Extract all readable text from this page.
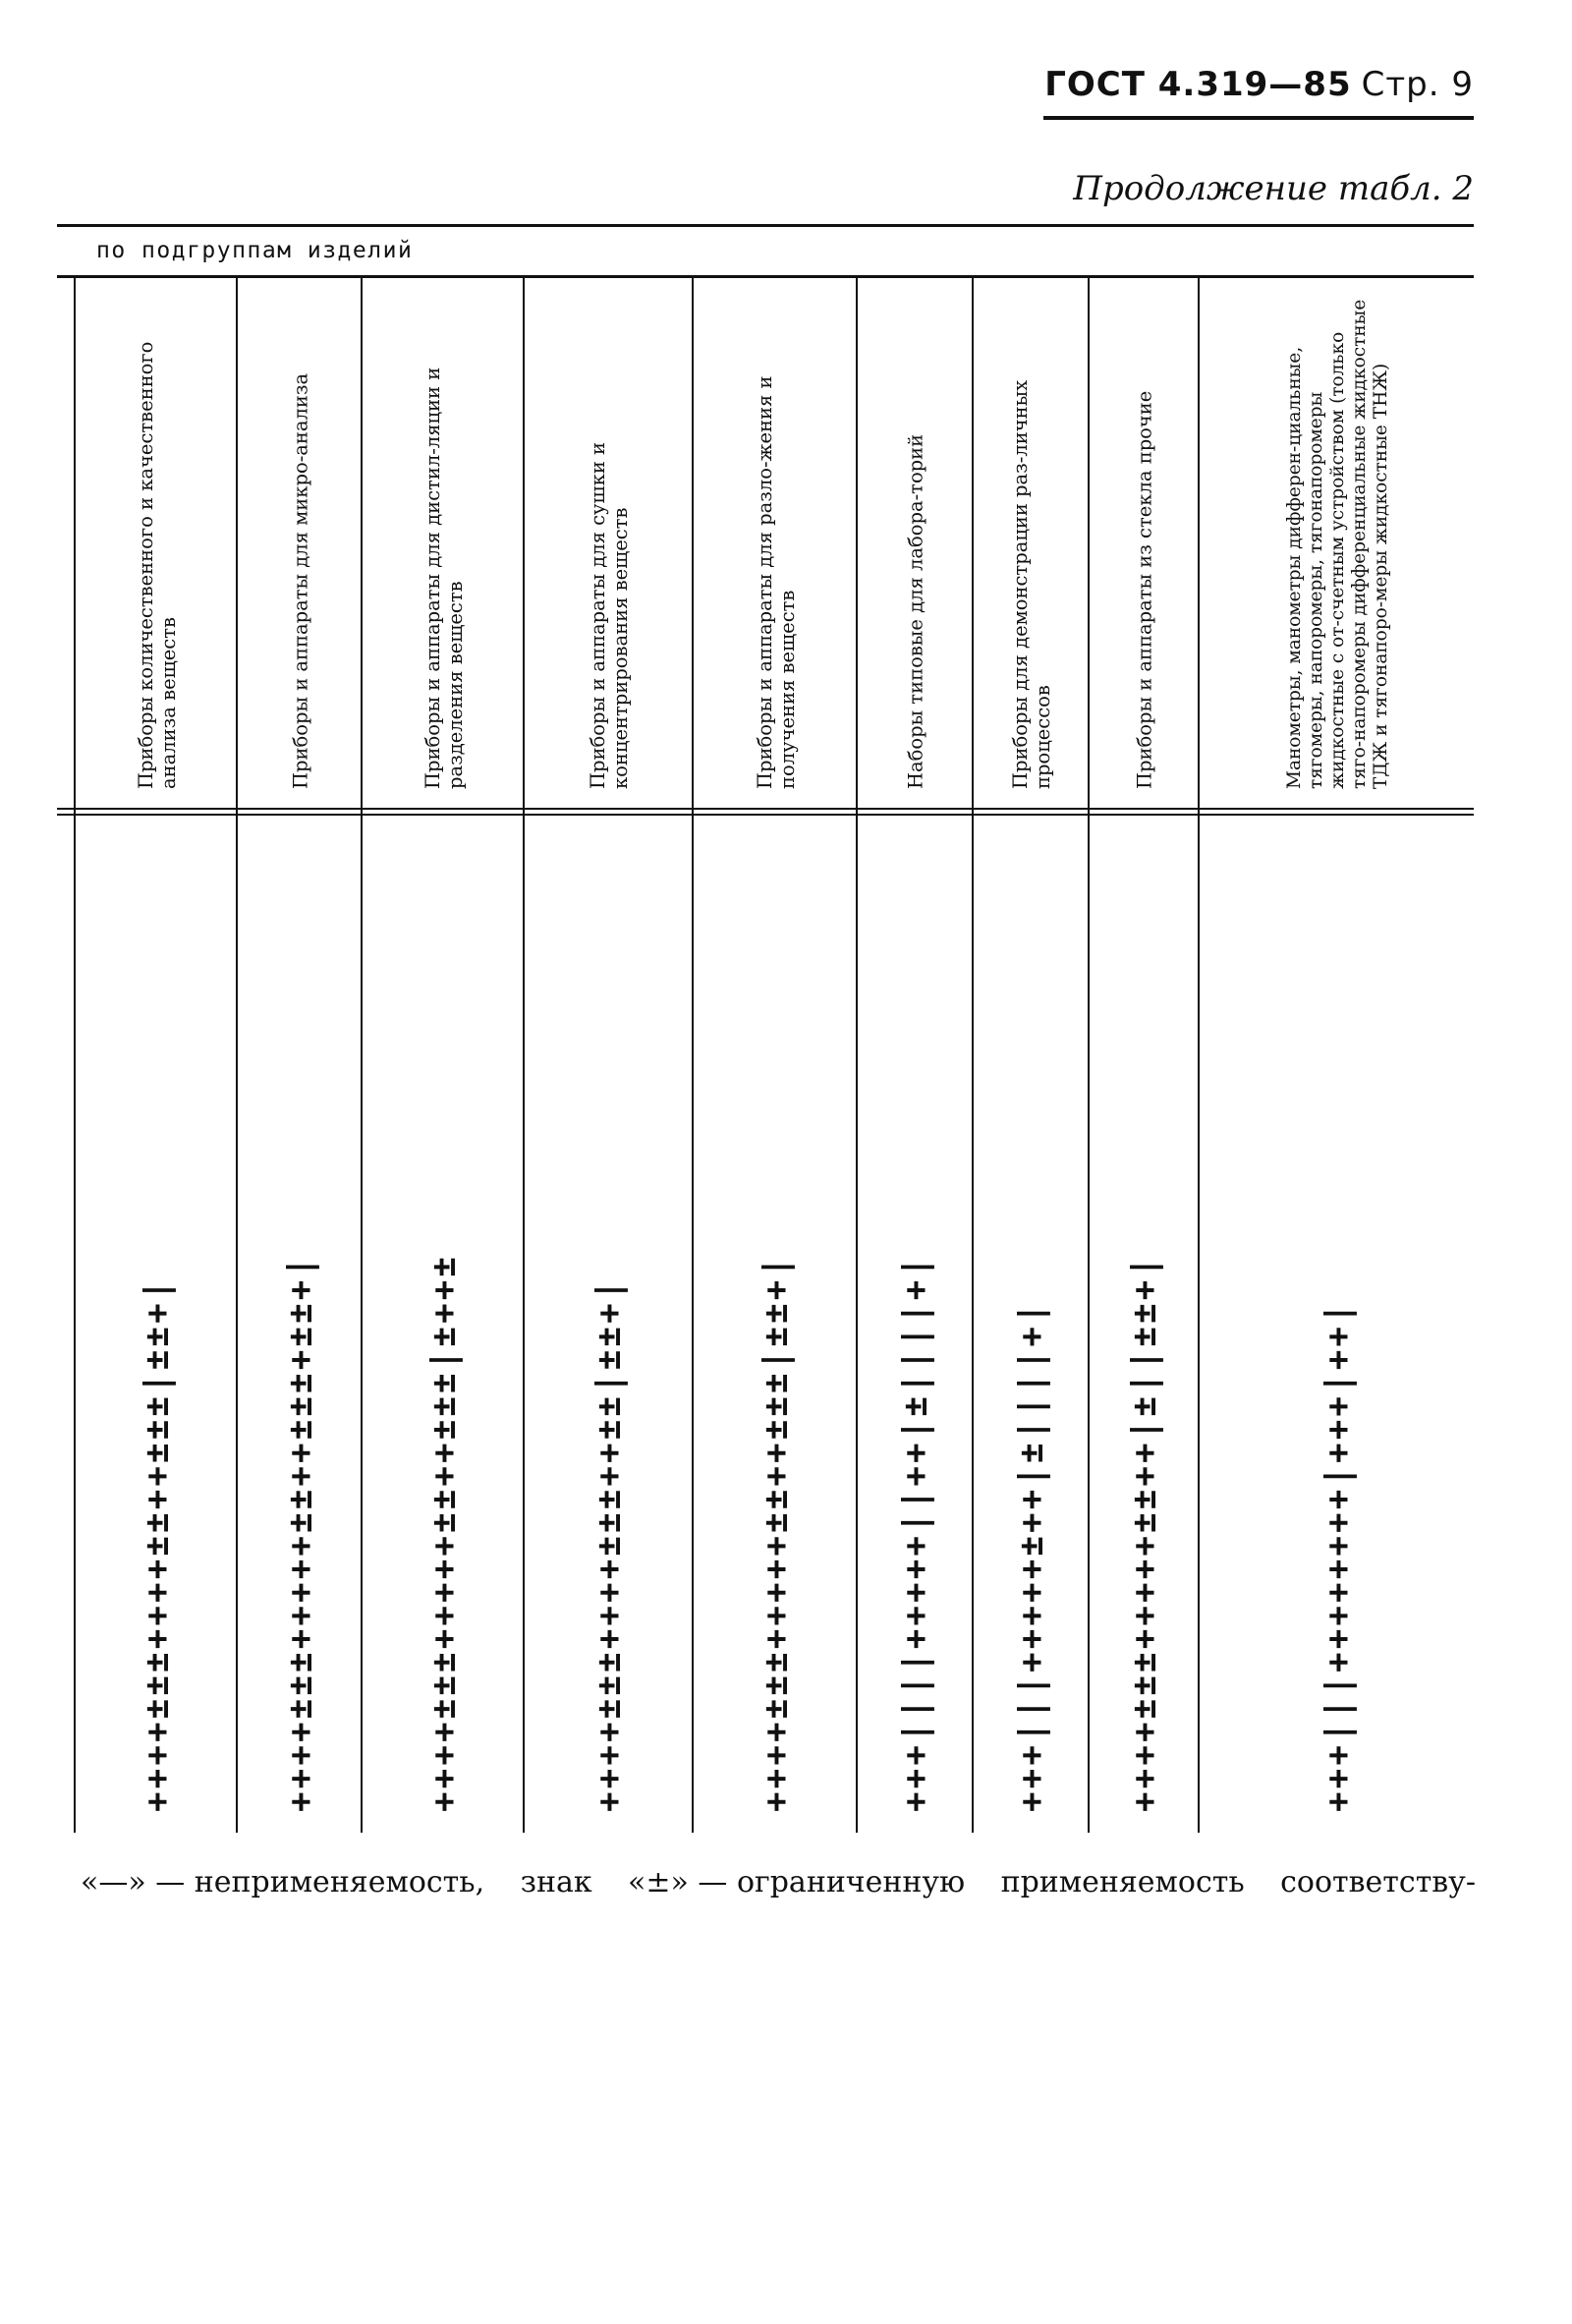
ГОСТ 4.319—85 Стр. 9
Продолжение табл. 2
по подгруппам изделий
Приборы количественного и качественного анализа веществ
++++±±±++++±±++±±±|±±+|
Приборы и аппараты для микро-анализа
++++±±±+++++±±++±±±+±±+|
Приборы и аппараты для дистил-ляции и разделения веществ
++++±±±+++++±±++±±±|±++±
Приборы и аппараты для сушки и концентрирования веществ
++++±±±++++±±±++±±|±±+|
Приборы и аппараты для разло-жения и получения веществ
++++±±±+++++±±++±±±|±±+|
Наборы типовые для лабора-торий
+++||||+++++||++|±||||+|
Приборы для демонстрации раз-личных процессов
+++|||+++++±++|±||||+|
Приборы и аппараты из стекла прочие
++++±±±+++++±±++|±||±±+|
Манометры, манометры дифферен-циальные, тягомеры, напоромеры, тягонапоромеры жидкостные с от-счетным устройством (только тяго-напоромеры дифференциальные жидкостные ТДЖ и тягонапоро-меры жидкостные ТНЖ)
+++|||++++++++|+++|++|
«—» — неприменяемость, знак «±» — ограниченную применяемость соответству-
